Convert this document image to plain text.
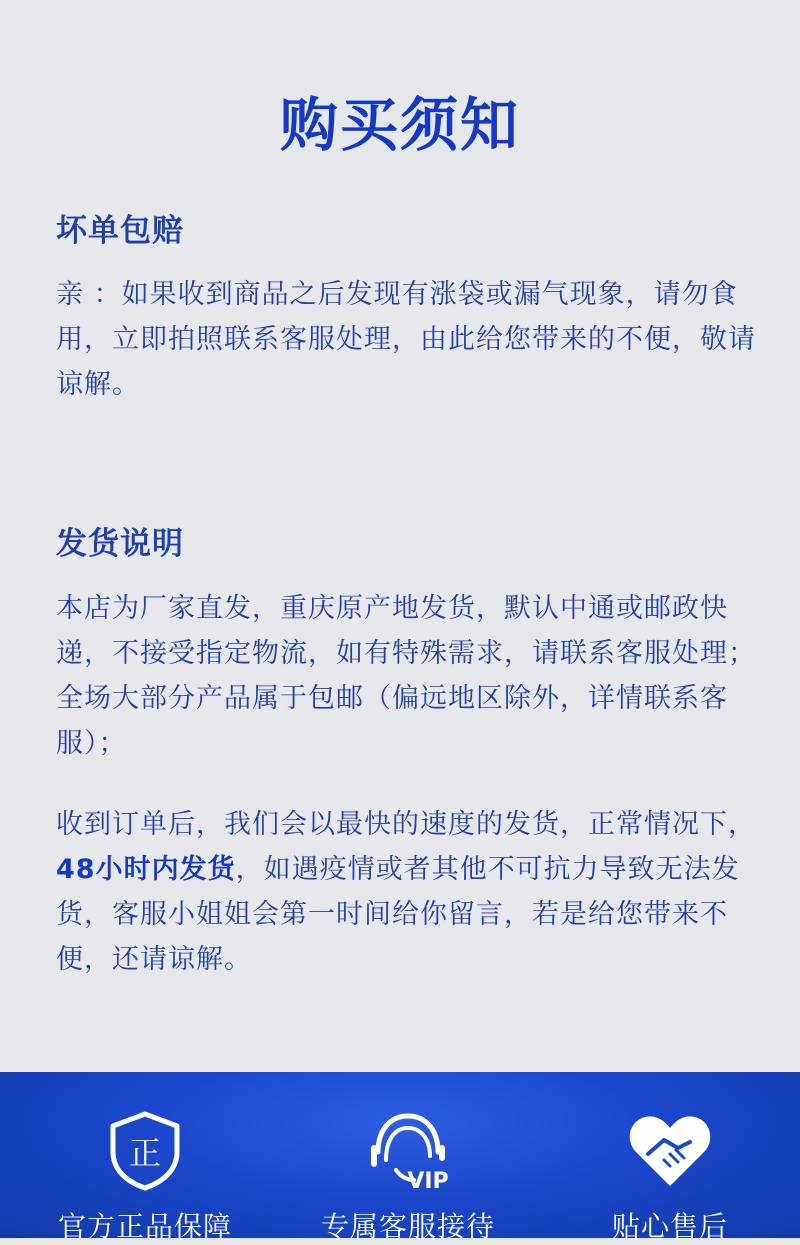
购买须知
坏单包赔
亲 ：如果收到商品之后发现有涨袋或漏气现象，请勿食用，立即拍照联系客服处理，由此给您带来的不便，敬请谅解。
发货说明
本店为厂家直发，重庆原产地发货，默认中通或邮政快递，不接受指定物流，如有特殊需求，请联系客服处理；全场大部分产品属于包邮（偏远地区除外，详情联系客服）；
收到订单后，我们会以最快的速度的发货，正常情况下，48小时内发货，如遇疫情或者其他不可抗力导致无法发货，客服小姐姐会第一时间给你留言，若是给您带来不便，还请谅解。
正
官方正品保障
VIP
专属客服接待	贴心售后
